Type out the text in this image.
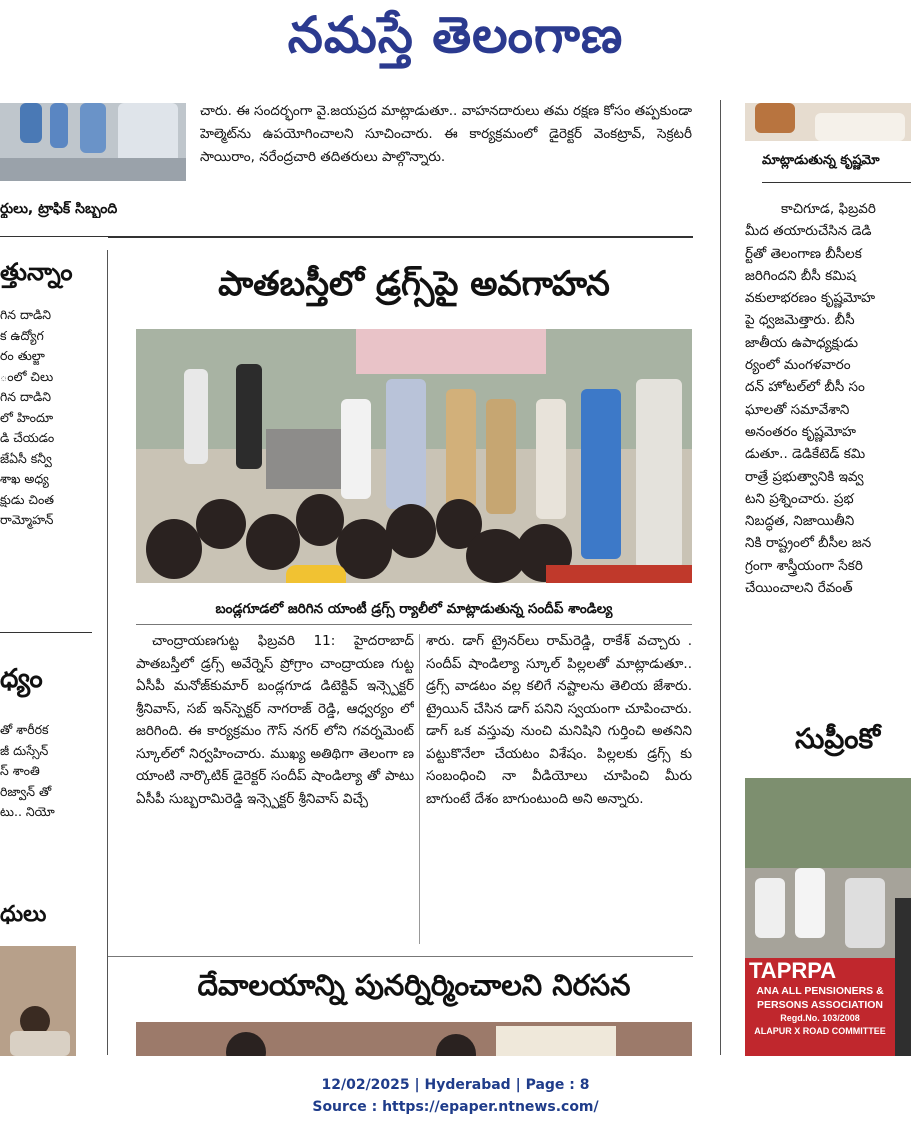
నమస్తే తెలంగాణ
ర్థులు, ట్రాఫిక్ సిబ్బంది

చారు. ఈ సందర్భంగా వై.జయప్రద మాట్లాడుతూ.. వాహనదారులు తమ రక్షణ కోసం తప్పకుండా హెల్మెట్‌ను ఉపయోగించాలని సూచించారు. ఈ కార్యక్రమంలో డైరెక్టర్ వెంకట్రావ్, సెక్రటరీ సాయిరాం, నరేంద్రచారి తదితరులు పాల్గొన్నారు.

త్తున్నాం
గిన దాడిని
క ఉద్యోగ
రం తుల్జా
ంలో చిలు
గిన దాడిని
లో హిందూ
డి చేయడం
జేఏసీ కన్వీ
శాఖ అధ్య
క్షుడు చింత
రామ్మోహన్
ధ్యం
తో శారీరక
జీ దుస్సేన్
స్ శాంతి
రిజ్వాన్ తో
టు.. నియో
ధులు
పాతబస్తీలో డ్రగ్స్‌పై అవగాహన
బండ్లగూడలో జరిగిన యాంటీ డ్రగ్స్ ర్యాలీలో మాట్లాడుతున్న సందీప్ శాండిల్య

చాంద్రాయణగుట్ట ఫిబ్రవరి 11: హైదరాబాద్ పాతబస్తీలో డ్రగ్స్ అవేర్నెస్ ప్రోగ్రాం చాంద్రాయణ గుట్ట ఏసీపీ మనోజ్‌కుమార్ బండ్లగూడ డిటెక్టివ్ ఇన్స్పెక్టర్ శ్రీనివాస్, సబ్ ఇన్‌స్పెక్టర్ నాగరాజ్ రెడ్డి, ఆధ్వర్యం లో జరిగింది. ఈ కార్యక్రమం గౌస్ నగర్ లోని గవర్నమెంట్ స్కూల్‌లో నిర్వహించారు. ముఖ్య అతిథిగా తెలంగా ణ యాంటి నార్కొటిక్ డైరెక్టర్ సందీప్ షాండిల్యా తో పాటు ఏసీపీ సుబ్బరామిరెడ్డి ఇన్స్పెక్టర్ శ్రీనివాస్ విచ్చే

శారు. డాగ్ ట్రైనర్‌లు రామ్‌రెడ్డి, రాకేశ్ వచ్చారు . సందీప్ షాండిల్యా స్కూల్ పిల్లలతో మాట్లాడుతూ.. డ్రగ్స్ వాడటం వల్ల కలిగే నష్టాలను తెలియ జేశారు. ట్రైయిన్ చేసిన డాగ్ పనిని స్వయంగా చూపించారు. డాగ్ ఒక వస్తువు నుంచి మనిషిని గుర్తించి అతనిని పట్టుకొనేలా చేయటం విశేషం. పిల్లలకు డ్రగ్స్ కు సంబంధించి నా వీడియోలు చూపించి మీరు బాగుంటే దేశం బాగుంటుంది అని అన్నారు.

దేవాలయాన్ని పునర్నిర్మించాలని నిరసన
మాట్లాడుతున్న కృష్ణమో
కాచిగూడ, ఫిబ్రవరి
మీద తయారుచేసిన డెడి
ర్ట్‌తో తెలంగాణ బీసీలక
జరిగిందని బీసీ కమిష
వకులాభరణం కృష్ణమోహ
పై ధ్వజమెత్తారు. బీసీ
జాతీయ ఉపాధ్యక్షుడు
ర్యంలో మంగళవారం
దన్ హోటల్‌లో బీసీ సం
ఘాలతో సమావేశాని
అనంతరం కృష్ణమోహ
డుతూ.. డెడికేటెడ్ కమి
రాత్రే ప్రభుత్వానికి ఇవ్వ
టని ప్రశ్నించారు. ప్రభ
నిబద్ధత, నిజాయితీని
నికి రాష్ట్రంలో బీసీల జన
గ్రంగా శాస్త్రీయంగా సేకరి
చేయించాలని రేవంత్
సుప్రీంకో
TAPRPA
ANA ALL PENSIONERS &
PERSONS ASSOCIATION
Regd.No. 103/2008
ALAPUR X ROAD COMMITTEE
12/02/2025 | Hyderabad | Page : 8
Source : https://epaper.ntnews.com/
